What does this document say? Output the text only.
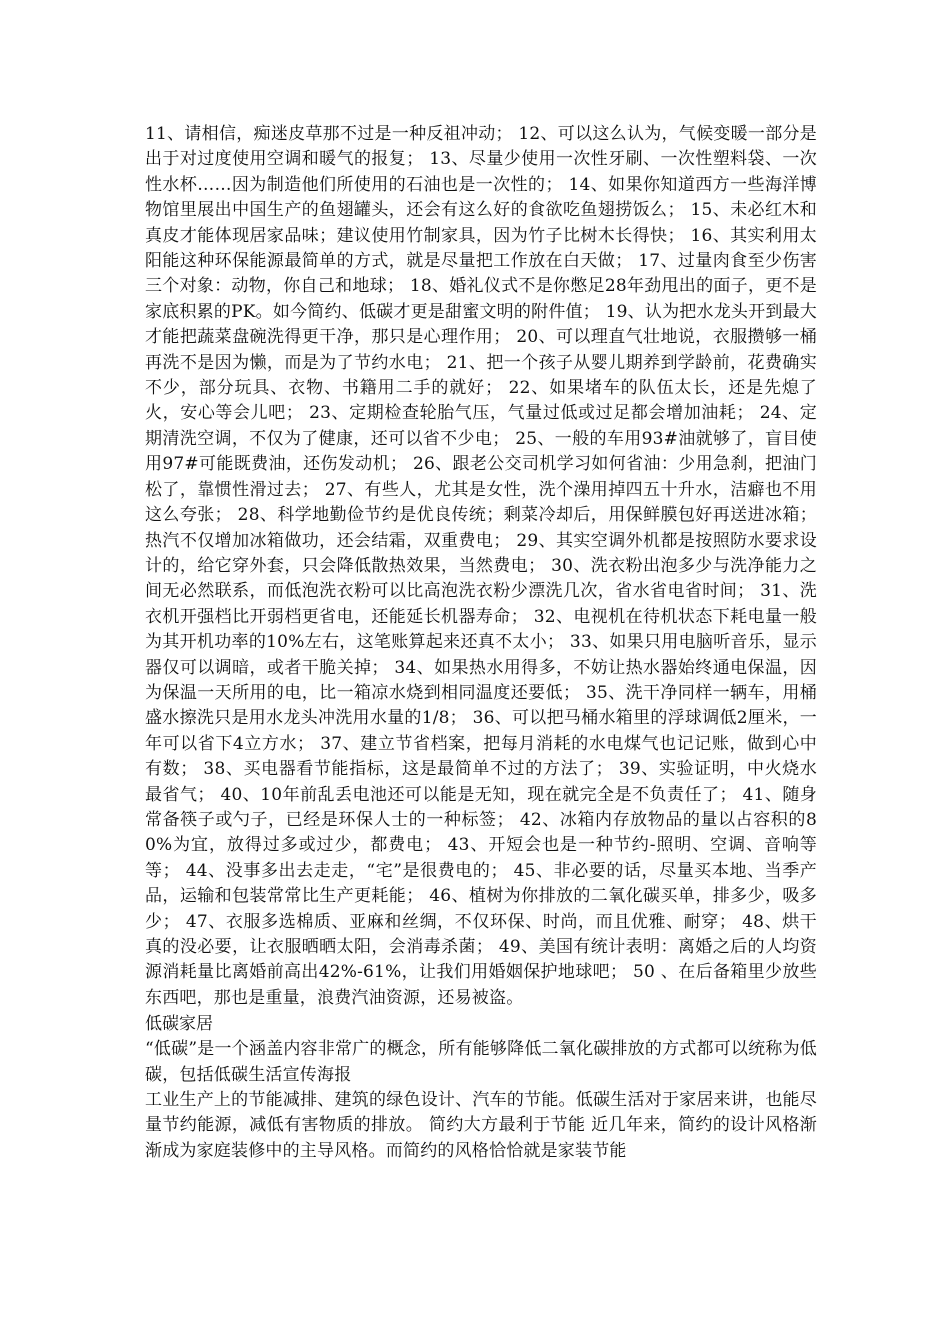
11、请相信，痴迷皮草那不过是一种反祖冲动； 12、可以这么认为，气候变暖一部分是出于对过度使用空调和暖气的报复； 13、尽量少使用一次性牙刷、一次性塑料袋、一次性水杯……因为制造他们所使用的石油也是一次性的； 14、如果你知道西方一些海洋博物馆里展出中国生产的鱼翅罐头，还会有这么好的食欲吃鱼翅捞饭么； 15、未必红木和真皮才能体现居家品味；建议使用竹制家具，因为竹子比树木长得快； 16、其实利用太阳能这种环保能源最简单的方式，就是尽量把工作放在白天做； 17、过量肉食至少伤害三个对象：动物，你自己和地球； 18、婚礼仪式不是你憋足28年劲甩出的面子，更不是家底积累的PK。如今简约、低碳才更是甜蜜文明的附件值； 19、认为把水龙头开到最大才能把蔬菜盘碗洗得更干净，那只是心理作用； 20、可以理直气壮地说，衣服攒够一桶再洗不是因为懒，而是为了节约水电； 21、把一个孩子从婴儿期养到学龄前，花费确实不少，部分玩具、衣物、书籍用二手的就好； 22、如果堵车的队伍太长，还是先熄了火，安心等会儿吧； 23、定期检查轮胎气压，气量过低或过足都会增加油耗； 24、定期清洗空调，不仅为了健康，还可以省不少电； 25、一般的车用93#油就够了，盲目使用97#可能既费油，还伤发动机； 26、跟老公交司机学习如何省油：少用急刹，把油门松了，靠惯性滑过去； 27、有些人，尤其是女性，洗个澡用掉四五十升水，洁癖也不用这么夸张； 28、科学地勤俭节约是优良传统；剩菜冷却后，用保鲜膜包好再送进冰箱；热汽不仅增加冰箱做功，还会结霜，双重费电； 29、其实空调外机都是按照防水要求设计的，给它穿外套，只会降低散热效果，当然费电； 30、洗衣粉出泡多少与洗净能力之间无必然联系，而低泡洗衣粉可以比高泡洗衣粉少漂洗几次，省水省电省时间； 31、洗衣机开强档比开弱档更省电，还能延长机器寿命； 32、电视机在待机状态下耗电量一般为其开机功率的10%左右，这笔账算起来还真不太小； 33、如果只用电脑听音乐，显示器仅可以调暗，或者干脆关掉； 34、如果热水用得多，不妨让热水器始终通电保温，因为保温一天所用的电，比一箱凉水烧到相同温度还要低； 35、洗干净同样一辆车，用桶盛水擦洗只是用水龙头冲洗用水量的1/8； 36、可以把马桶水箱里的浮球调低2厘米，一年可以省下4立方水； 37、建立节省档案，把每月消耗的水电煤气也记记账，做到心中有数； 38、买电器看节能指标，这是最简单不过的方法了； 39、实验证明，中火烧水最省气； 40、10年前乱丢电池还可以能是无知，现在就完全是不负责任了； 41、随身常备筷子或勺子，已经是环保人士的一种标签； 42、冰箱内存放物品的量以占容积的80%为宜，放得过多或过少，都费电； 43、开短会也是一种节约-照明、空调、音响等等； 44、没事多出去走走，“宅”是很费电的； 45、非必要的话，尽量买本地、当季产品，运输和包装常常比生产更耗能； 46、植树为你排放的二氧化碳买单，排多少，吸多少； 47、衣服多选棉质、亚麻和丝绸，不仅环保、时尚，而且优雅、耐穿； 48、烘干真的没必要，让衣服晒晒太阳，会消毒杀菌； 49、美国有统计表明：离婚之后的人均资源消耗量比离婚前高出42%-61%，让我们用婚姻保护地球吧； 50 、在后备箱里少放些东西吧，那也是重量，浪费汽油资源，还易被盗。

低碳家居

“低碳”是一个涵盖内容非常广的概念，所有能够降低二氧化碳排放的方式都可以统称为低碳，包括低碳生活宣传海报

工业生产上的节能减排、建筑的绿色设计、汽车的节能。低碳生活对于家居来讲，也能尽量节约能源，减低有害物质的排放。 简约大方最利于节能 近几年来，简约的设计风格渐渐成为家庭装修中的主导风格。而简约的风格恰恰就是家装节能
